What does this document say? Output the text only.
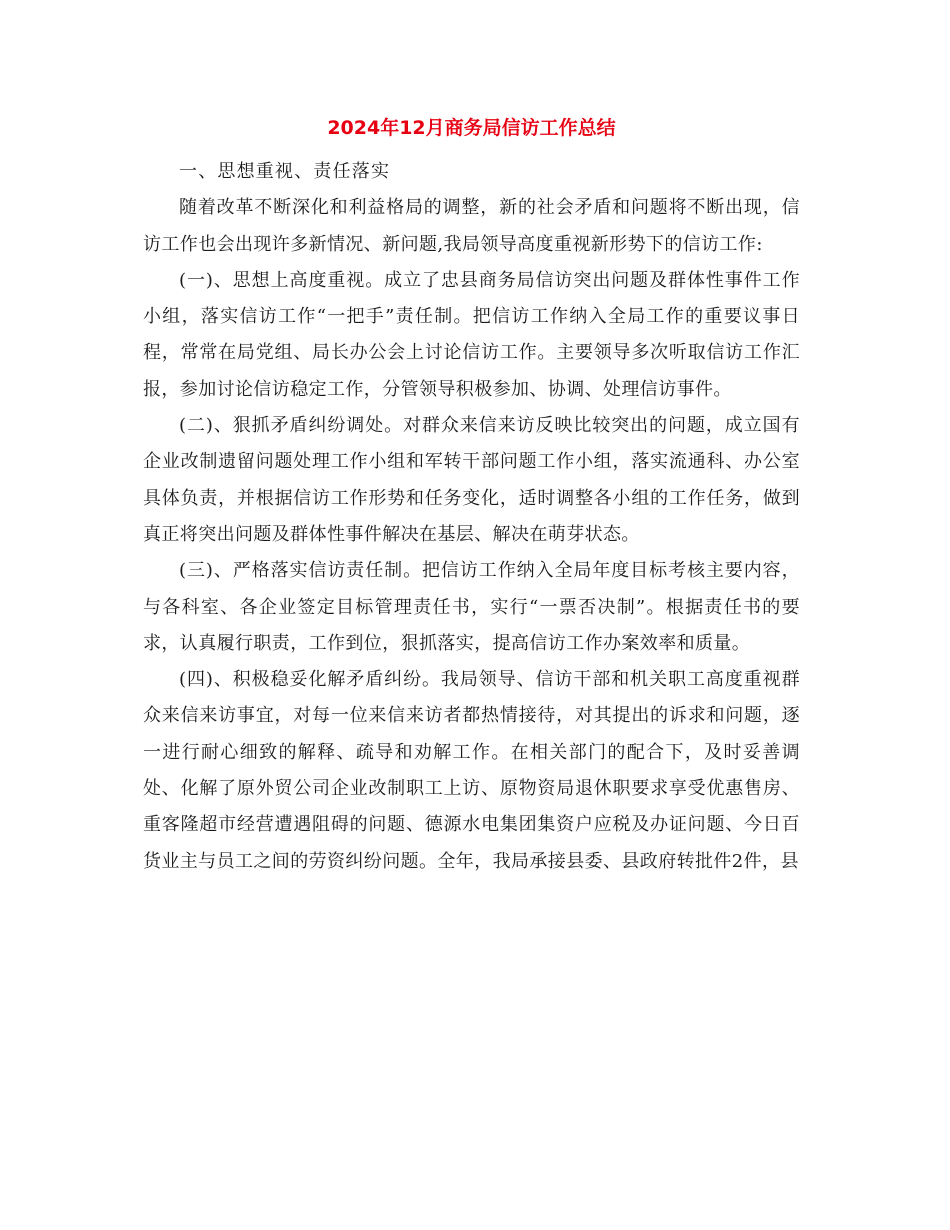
2024年12月商务局信访工作总结

一、思想重视、责任落实

随着改革不断深化和利益格局的调整，新的社会矛盾和问题将不断出现，信访工作也会出现许多新情况、新问题,我局领导高度重视新形势下的信访工作:

(一)、思想上高度重视。成立了忠县商务局信访突出问题及群体性事件工作小组，落实信访工作“一把手”责任制。把信访工作纳入全局工作的重要议事日程，常常在局党组、局长办公会上讨论信访工作。主要领导多次听取信访工作汇报，参加讨论信访稳定工作，分管领导积极参加、协调、处理信访事件。

(二)、狠抓矛盾纠纷调处。对群众来信来访反映比较突出的问题，成立国有企业改制遗留问题处理工作小组和军转干部问题工作小组，落实流通科、办公室具体负责，并根据信访工作形势和任务变化，适时调整各小组的工作任务，做到真正将突出问题及群体性事件解决在基层、解决在萌芽状态。

(三)、严格落实信访责任制。把信访工作纳入全局年度目标考核主要内容，与各科室、各企业签定目标管理责任书，实行“一票否决制”。根据责任书的要求，认真履行职责，工作到位，狠抓落实，提高信访工作办案效率和质量。

(四)、积极稳妥化解矛盾纠纷。我局领导、信访干部和机关职工高度重视群众来信来访事宜，对每一位来信来访者都热情接待，对其提出的诉求和问题，逐一进行耐心细致的解释、疏导和劝解工作。在相关部门的配合下，及时妥善调处、化解了原外贸公司企业改制职工上访、原物资局退休职要求享受优惠售房、重客隆超市经营遭遇阻碍的问题、德源水电集团集资户应税及办证问题、今日百货业主与员工之间的劳资纠纷问题。全年，我局承接县委、县政府转批件2件，县
